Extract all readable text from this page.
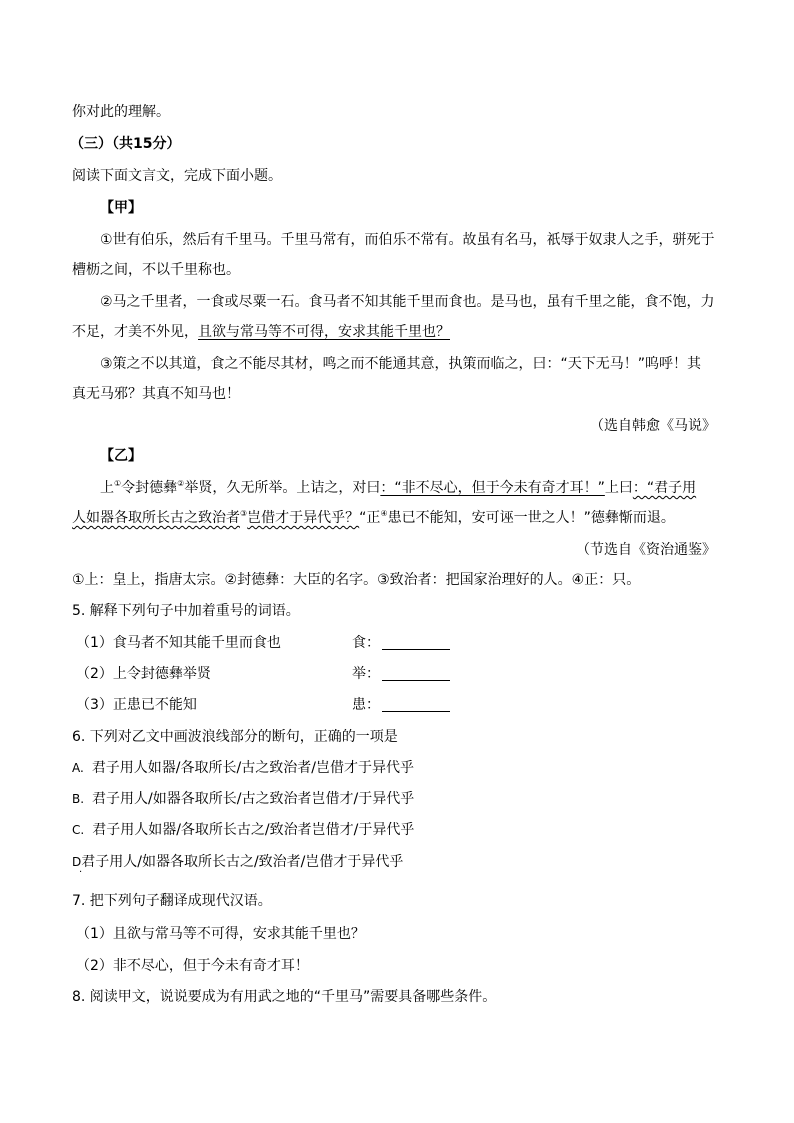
你对此的理解。
（三）（共15分）
阅读下面文言文，完成下面小题。
【甲】
①世有伯乐，然后有千里马。千里马常有，而伯乐不常有。故虽有名马，祇辱于奴隶人之手，骈死于
槽枥之间，不以千里称也。
②马之千里者，一食或尽粟一石。食马者不知其能千里而食也。是马也，虽有千里之能，食不饱，力
不足，才美不外见，且欲与常马等不可得，安求其能千里也？
③策之不以其道，食之不能尽其材，鸣之而不能通其意，执策而临之，曰：“天下无马！”呜呼！其
真无马邪？其真不知马也！
（选自韩愈《马说》
【乙】
上①令封德彝②举贤，久无所举。上诘之，对曰：“非不尽心，但于今未有奇才耳！”上曰：“君子用
人如器各取所长古之致治者③岂借才于异代乎？“正④患已不能知，安可诬一世之人！”德彝惭而退。
（节选自《资治通鉴》
①上：皇上，指唐太宗。②封德彝：大臣的名字。③致治者：把国家治理好的人。④正：只。
5. 解释下列句子中加着重号的词语。
（1）食马者不知其能千里而食也	食：
（2）上令封德彝举贤	举：
（3）正患已不能知	患：
6. 下列对乙文中画波浪线部分的断句，正确的一项是
A. 君子用人如器/各取所长/古之致治者/岂借才于异代乎
B. 君子用人/如器各取所长/古之致治者岂借才/于异代乎
C. 君子用人如器/各取所长古之/致治者岂借才/于异代乎
D君子用人/如器各取所长古之/致治者/岂借才于异代乎
·
7. 把下列句子翻译成现代汉语。
（1）且欲与常马等不可得，安求其能千里也？
（2）非不尽心，但于今未有奇才耳！
8. 阅读甲文，说说要成为有用武之地的“千里马”需要具备哪些条件。
